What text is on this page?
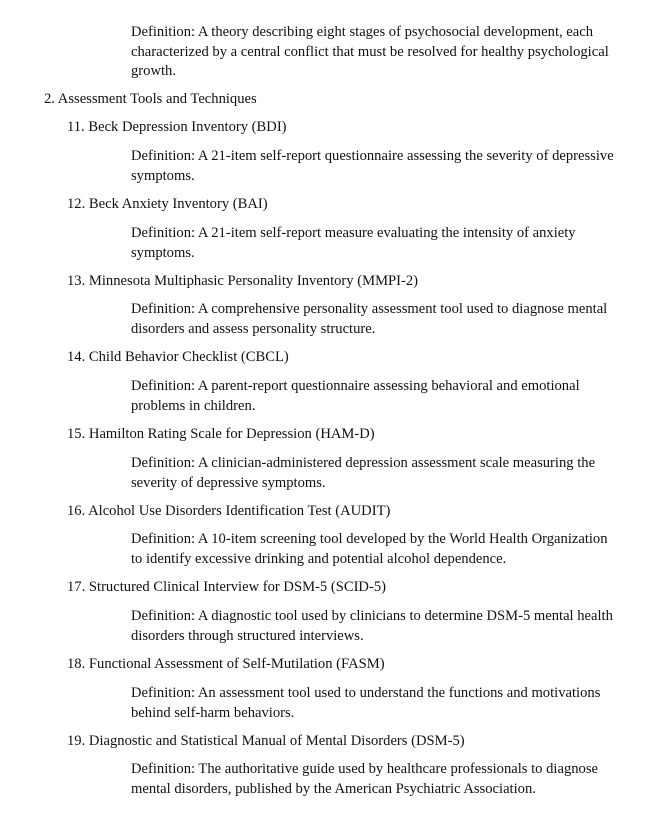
Definition: A theory describing eight stages of psychosocial development, each characterized by a central conflict that must be resolved for healthy psychological growth.

2. Assessment Tools and Techniques

11. Beck Depression Inventory (BDI)

Definition: A 21-item self-report questionnaire assessing the severity of depressive symptoms.

12. Beck Anxiety Inventory (BAI)

Definition: A 21-item self-report measure evaluating the intensity of anxiety symptoms.

13. Minnesota Multiphasic Personality Inventory (MMPI-2)

Definition: A comprehensive personality assessment tool used to diagnose mental disorders and assess personality structure.

14. Child Behavior Checklist (CBCL)

Definition: A parent-report questionnaire assessing behavioral and emotional problems in children.

15. Hamilton Rating Scale for Depression (HAM-D)

Definition: A clinician-administered depression assessment scale measuring the severity of depressive symptoms.

16. Alcohol Use Disorders Identification Test (AUDIT)

Definition: A 10-item screening tool developed by the World Health Organization to identify excessive drinking and potential alcohol dependence.

17. Structured Clinical Interview for DSM-5 (SCID-5)

Definition: A diagnostic tool used by clinicians to determine DSM-5 mental health disorders through structured interviews.

18. Functional Assessment of Self-Mutilation (FASM)

Definition: An assessment tool used to understand the functions and motivations behind self-harm behaviors.

19. Diagnostic and Statistical Manual of Mental Disorders (DSM-5)

Definition: The authoritative guide used by healthcare professionals to diagnose mental disorders, published by the American Psychiatric Association.
